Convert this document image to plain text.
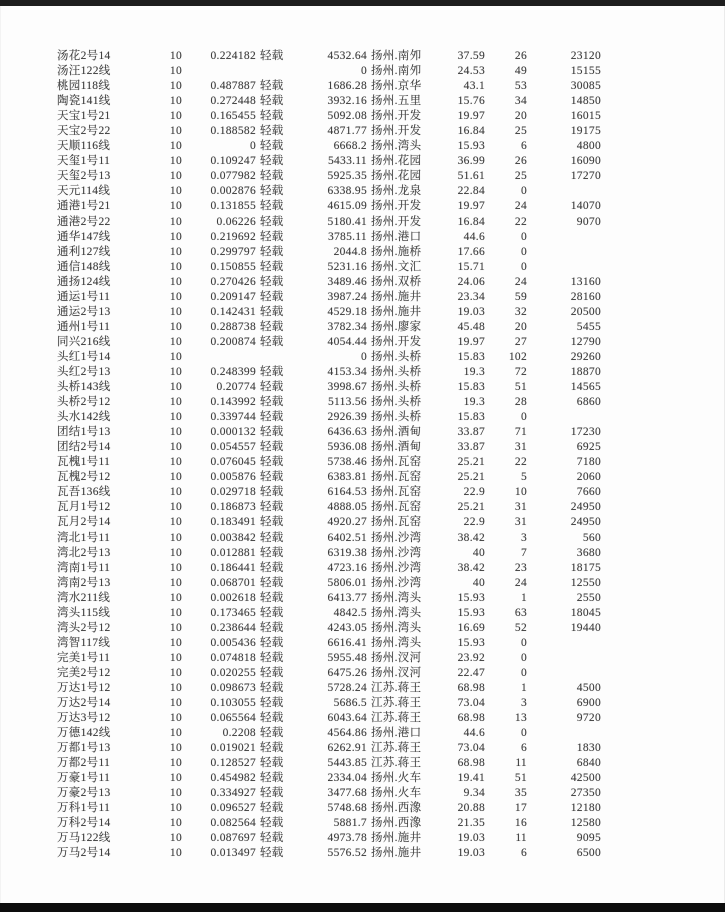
汤花2号14	10	0.224182 轻载	4532.64 扬州.南夘	37.59	26	23120
汤汪122线	10	0 扬州.南夘	24.53	49	15155
桃园118线	10	0.487887 轻载	1686.28 扬州.京华	43.1	53	30085
陶瓷141线	10	0.272448 轻载	3932.16 扬州.五里	15.76	34	14850
天宝1号21	10	0.165455 轻载	5092.08 扬州.开发	19.97	20	16015
天宝2号22	10	0.188582 轻载	4871.77 扬州.开发	16.84	25	19175
天顺116线	10	0 轻载	6668.2 扬州.湾头	15.93	6	4800
天玺1号11	10	0.109247 轻载	5433.11 扬州.花园	36.99	26	16090
天玺2号13	10	0.077982 轻载	5925.35 扬州.花园	51.61	25	17270
天元114线	10	0.002876 轻载	6338.95 扬州.龙泉	22.84	0
通港1号21	10	0.131855 轻载	4615.09 扬州.开发	19.97	24	14070
通港2号22	10	0.06226 轻载	5180.41 扬州.开发	16.84	22	9070
通华147线	10	0.219692 轻载	3785.11 扬州.港口	44.6	0
通利127线	10	0.299797 轻载	2044.8 扬州.施桥	17.66	0
通信148线	10	0.150855 轻载	5231.16 扬州.文汇	15.71	0
通扬124线	10	0.270426 轻载	3489.46 扬州.双桥	24.06	24	13160
通运1号11	10	0.209147 轻载	3987.24 扬州.施井	23.34	59	28160
通运2号13	10	0.142431 轻载	4529.18 扬州.施井	19.03	32	20500
通州1号11	10	0.288738 轻载	3782.34 扬州.廖家	45.48	20	5455
同兴216线	10	0.200874 轻载	4054.44 扬州.开发	19.97	27	12790
头红1号14	10	0 扬州.头桥	15.83	102	29260
头红2号13	10	0.248399 轻载	4153.34 扬州.头桥	19.3	72	18870
头桥143线	10	0.20774 轻载	3998.67 扬州.头桥	15.83	51	14565
头桥2号12	10	0.143992 轻载	5113.56 扬州.头桥	19.3	28	6860
头水142线	10	0.339744 轻载	2926.39 扬州.头桥	15.83	0
团结1号13	10	0.000132 轻载	6436.63 扬州.酒甸	33.87	71	17230
团结2号14	10	0.054557 轻载	5936.08 扬州.酒甸	33.87	31	6925
瓦槐1号11	10	0.076045 轻载	5738.46 扬州.瓦窑	25.21	22	7180
瓦槐2号12	10	0.005876 轻载	6383.81 扬州.瓦窑	25.21	5	2060
瓦吾136线	10	0.029718 轻载	6164.53 扬州.瓦窑	22.9	10	7660
瓦月1号12	10	0.186873 轻载	4888.05 扬州.瓦窑	25.21	31	24950
瓦月2号14	10	0.183491 轻载	4920.27 扬州.瓦窑	22.9	31	24950
湾北1号11	10	0.003842 轻载	6402.51 扬州.沙湾	38.42	3	560
湾北2号13	10	0.012881 轻载	6319.38 扬州.沙湾	40	7	3680
湾南1号11	10	0.186441 轻载	4723.16 扬州.沙湾	38.42	23	18175
湾南2号13	10	0.068701 轻载	5806.01 扬州.沙湾	40	24	12550
湾水211线	10	0.002618 轻载	6413.77 扬州.湾头	15.93	1	2550
湾头115线	10	0.173465 轻载	4842.5 扬州.湾头	15.93	63	18045
湾头2号12	10	0.238644 轻载	4243.05 扬州.湾头	16.69	52	19440
湾智117线	10	0.005436 轻载	6616.41 扬州.湾头	15.93	0
完美1号11	10	0.074818 轻载	5955.48 扬州.汊河	23.92	0
完美2号12	10	0.020255 轻载	6475.26 扬州.汊河	22.47	0
万达1号12	10	0.098673 轻载	5728.24 江苏.蒋王	68.98	1	4500
万达2号14	10	0.103055 轻载	5686.5 江苏.蒋王	73.04	3	6900
万达3号12	10	0.065564 轻载	6043.64 江苏.蒋王	68.98	13	9720
万德142线	10	0.2208 轻载	4564.86 扬州.港口	44.6	0
万都1号13	10	0.019021 轻载	6262.91 江苏.蒋王	73.04	6	1830
万都2号11	10	0.128527 轻载	5443.85 江苏.蒋王	68.98	11	6840
万豪1号11	10	0.454982 轻载	2334.04 扬州.火车	19.41	51	42500
万豪2号13	10	0.334927 轻载	3477.68 扬州.火车	9.34	35	27350
万科1号11	10	0.096527 轻载	5748.68 扬州.西潒	20.88	17	12180
万科2号14	10	0.082564 轻载	5881.7 扬州.西潒	21.35	16	12580
万马122线	10	0.087697 轻载	4973.78 扬州.施井	19.03	11	9095
万马2号14	10	0.013497 轻载	5576.52 扬州.施井	19.03	6	6500
